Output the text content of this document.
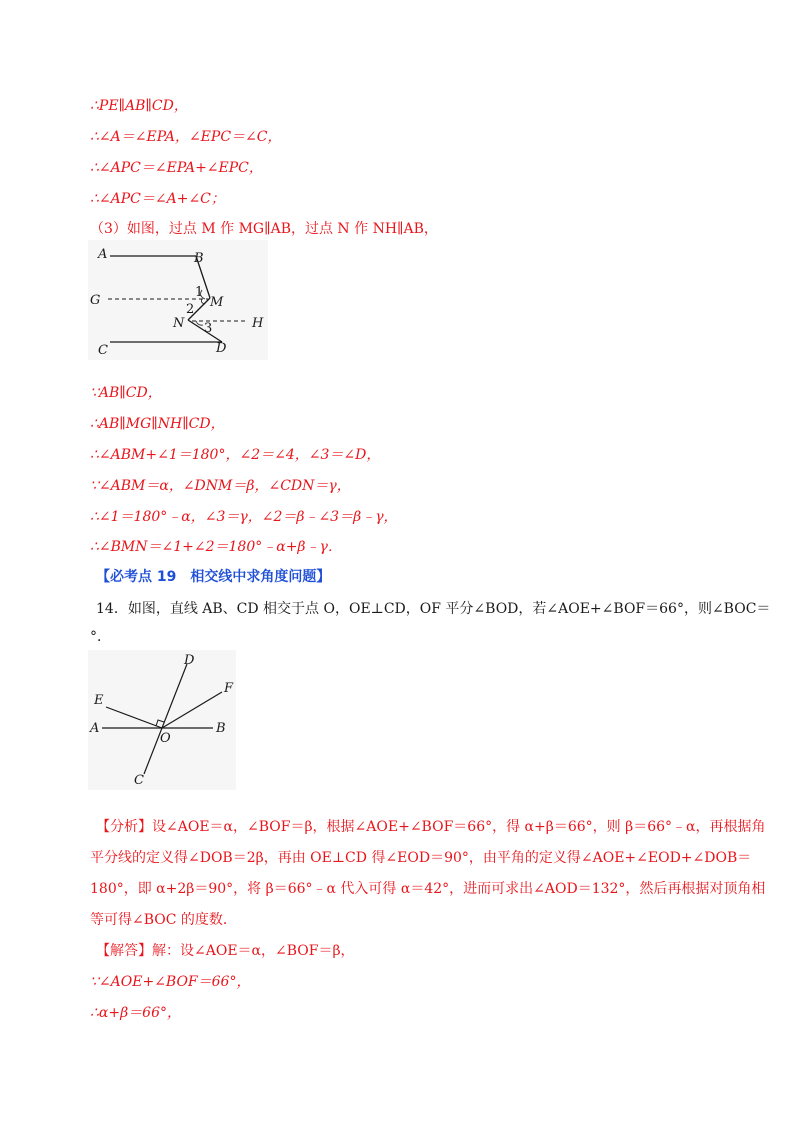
∴PE∥AB∥CD，
∴∠A＝∠EPA，∠EPC＝∠C，
∴∠APC＝∠EPA+∠EPC，
∴∠APC＝∠A+∠C；
（3）如图，过点 M 作 MG∥AB，过点 N 作 NH∥AB，
A	B
G	M
N	H
C	D
1
2
3
∵AB∥CD，
∴AB∥MG∥NH∥CD，
∴∠ABM+∠1＝180°，∠2＝∠4，∠3＝∠D，
∵∠ABM＝α，∠DNM＝β，∠CDN＝γ，
∴∠1＝180°﹣α，∠3＝γ，∠2＝β﹣∠3＝β﹣γ，
∴∠BMN＝∠1+∠2＝180°﹣α+β﹣γ．
【必考点 19　相交线中求角度问题】
14．如图，直线 AB、CD 相交于点 O，OE⊥CD，OF 平分∠BOD，若∠AOE+∠BOF＝66°，则∠BOC＝
°．
D
E
F
A
O
B
C
【分析】设∠AOE＝α，∠BOF＝β，根据∠AOE+∠BOF＝66°，得 α+β＝66°，则 β＝66°﹣α，再根据角
平分线的定义得∠DOB＝2β，再由 OE⊥CD 得∠EOD＝90°，由平角的定义得∠AOE+∠EOD+∠DOB＝
180°，即 α+2β＝90°，将 β＝66°﹣α 代入可得 α＝42°，进而可求出∠AOD＝132°，然后再根据对顶角相
等可得∠BOC 的度数．
【解答】解：设∠AOE＝α，∠BOF＝β，
∵∠AOE+∠BOF＝66°，
∴α+β＝66°，
